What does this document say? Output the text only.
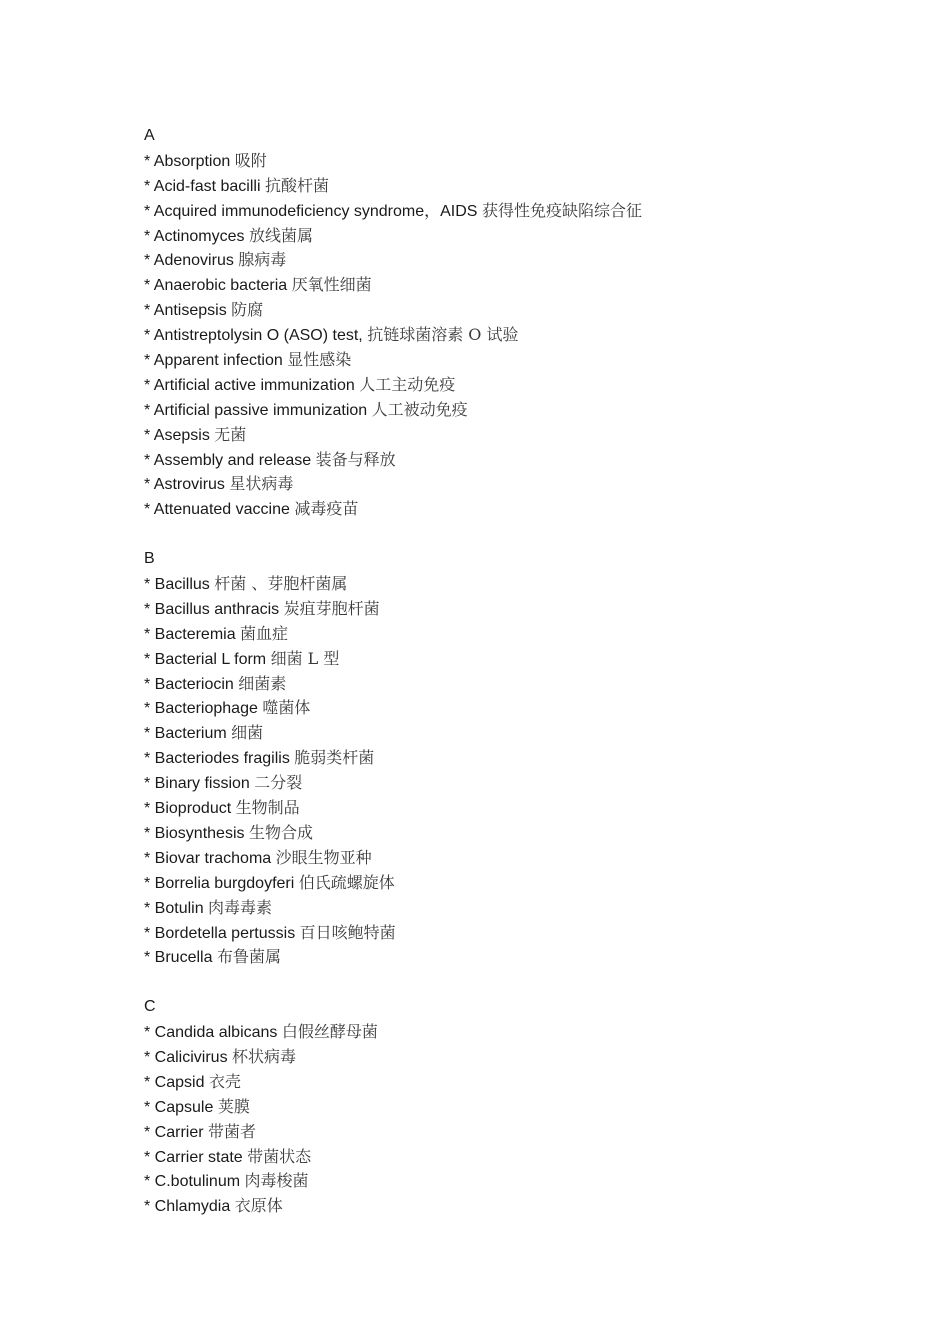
A
* Absorption 吸附
* Acid-fast bacilli 抗酸杆菌
* Acquired immunodeficiency syndrome，AIDS 获得性免疫缺陷综合征
* Actinomyces 放线菌属
* Adenovirus 腺病毒
* Anaerobic bacteria 厌氧性细菌
* Antisepsis 防腐
* Antistreptolysin O (ASO) test, 抗链球菌溶素 O 试验
* Apparent infection 显性感染
* Artificial active immunization 人工主动免疫
* Artificial passive immunization 人工被动免疫
* Asepsis 无菌
* Assembly and release 装备与释放
* Astrovirus 星状病毒
* Attenuated vaccine 减毒疫苗
B
* Bacillus 杆菌 、芽胞杆菌属
* Bacillus anthracis 炭疽芽胞杆菌
* Bacteremia 菌血症
* Bacterial L form 细菌 L 型
* Bacteriocin 细菌素
* Bacteriophage 噬菌体
* Bacterium 细菌
* Bacteriodes fragilis 脆弱类杆菌
* Binary fission 二分裂
* Bioproduct 生物制品
* Biosynthesis 生物合成
* Biovar trachoma 沙眼生物亚种
* Borrelia burgdoyferi 伯氏疏螺旋体
* Botulin 肉毒毒素
* Bordetella pertussis 百日咳鲍特菌
* Brucella 布鲁菌属
C
* Candida albicans 白假丝酵母菌
* Calicivirus 杯状病毒
* Capsid 衣壳
* Capsule 荚膜
* Carrier 带菌者
* Carrier state 带菌状态
* C.botulinum 肉毒梭菌
* Chlamydia 衣原体
